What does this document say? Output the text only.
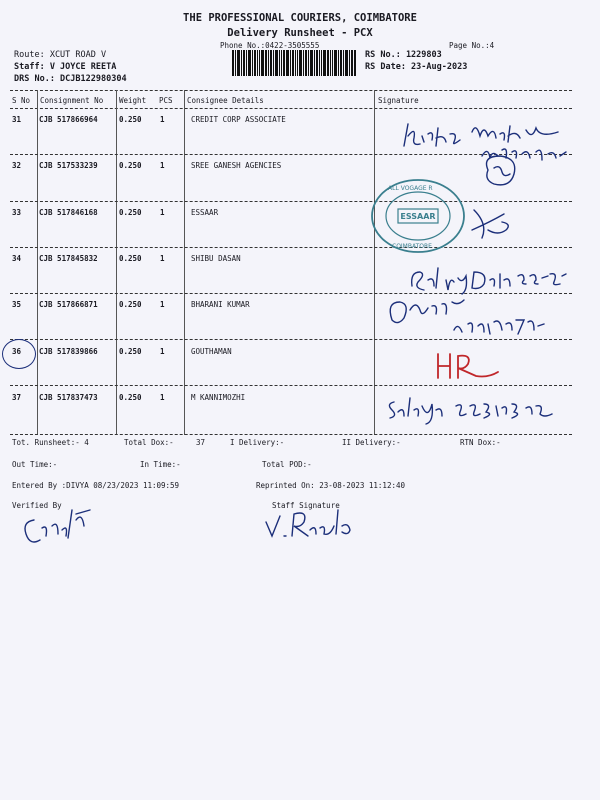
THE PROFESSIONAL COURIERS, COIMBATORE
Delivery Runsheet - PCX
Phone No.:0422-3505555	Page No.:4
Route: XCUT ROAD V
Staff: V JOYCE REETA
DRS No.: DCJB122980304
RS No.: 1229803
RS Date: 23-Aug-2023
S No Consignment No Weight PCS Consignee Details	Signature
31 CJB 517866964	0.250 1	CREDIT CORP ASSOCIATE
32 CJB 517533239	0.250 1	SREE GANESH AGENCIES
33 CJB 517846168	0.250 1	ESSAAR
34 CJB 517845832	0.250 1	SHIBU DASAN
35 CJB 517866871	0.250 1	BHARANI KUMAR
36 CJB 517839866	0.250 1	GOUTHAMAN
37 CJB 517837473	0.250 1	M KANNIMOZHI
ALL VOGAGE R
COIMBATORE
ESSAAR
Tot. Runsheet:- 4	Total Dox:-	37	I Delivery:-	II Delivery:-	RTN Dox:-
Out Time:-	In Time:-	Total POD:-
Entered By :DIVYA 08/23/2023 11:09:59	Reprinted On: 23-08-2023 11:12:40
Verified By	Staff Signature
